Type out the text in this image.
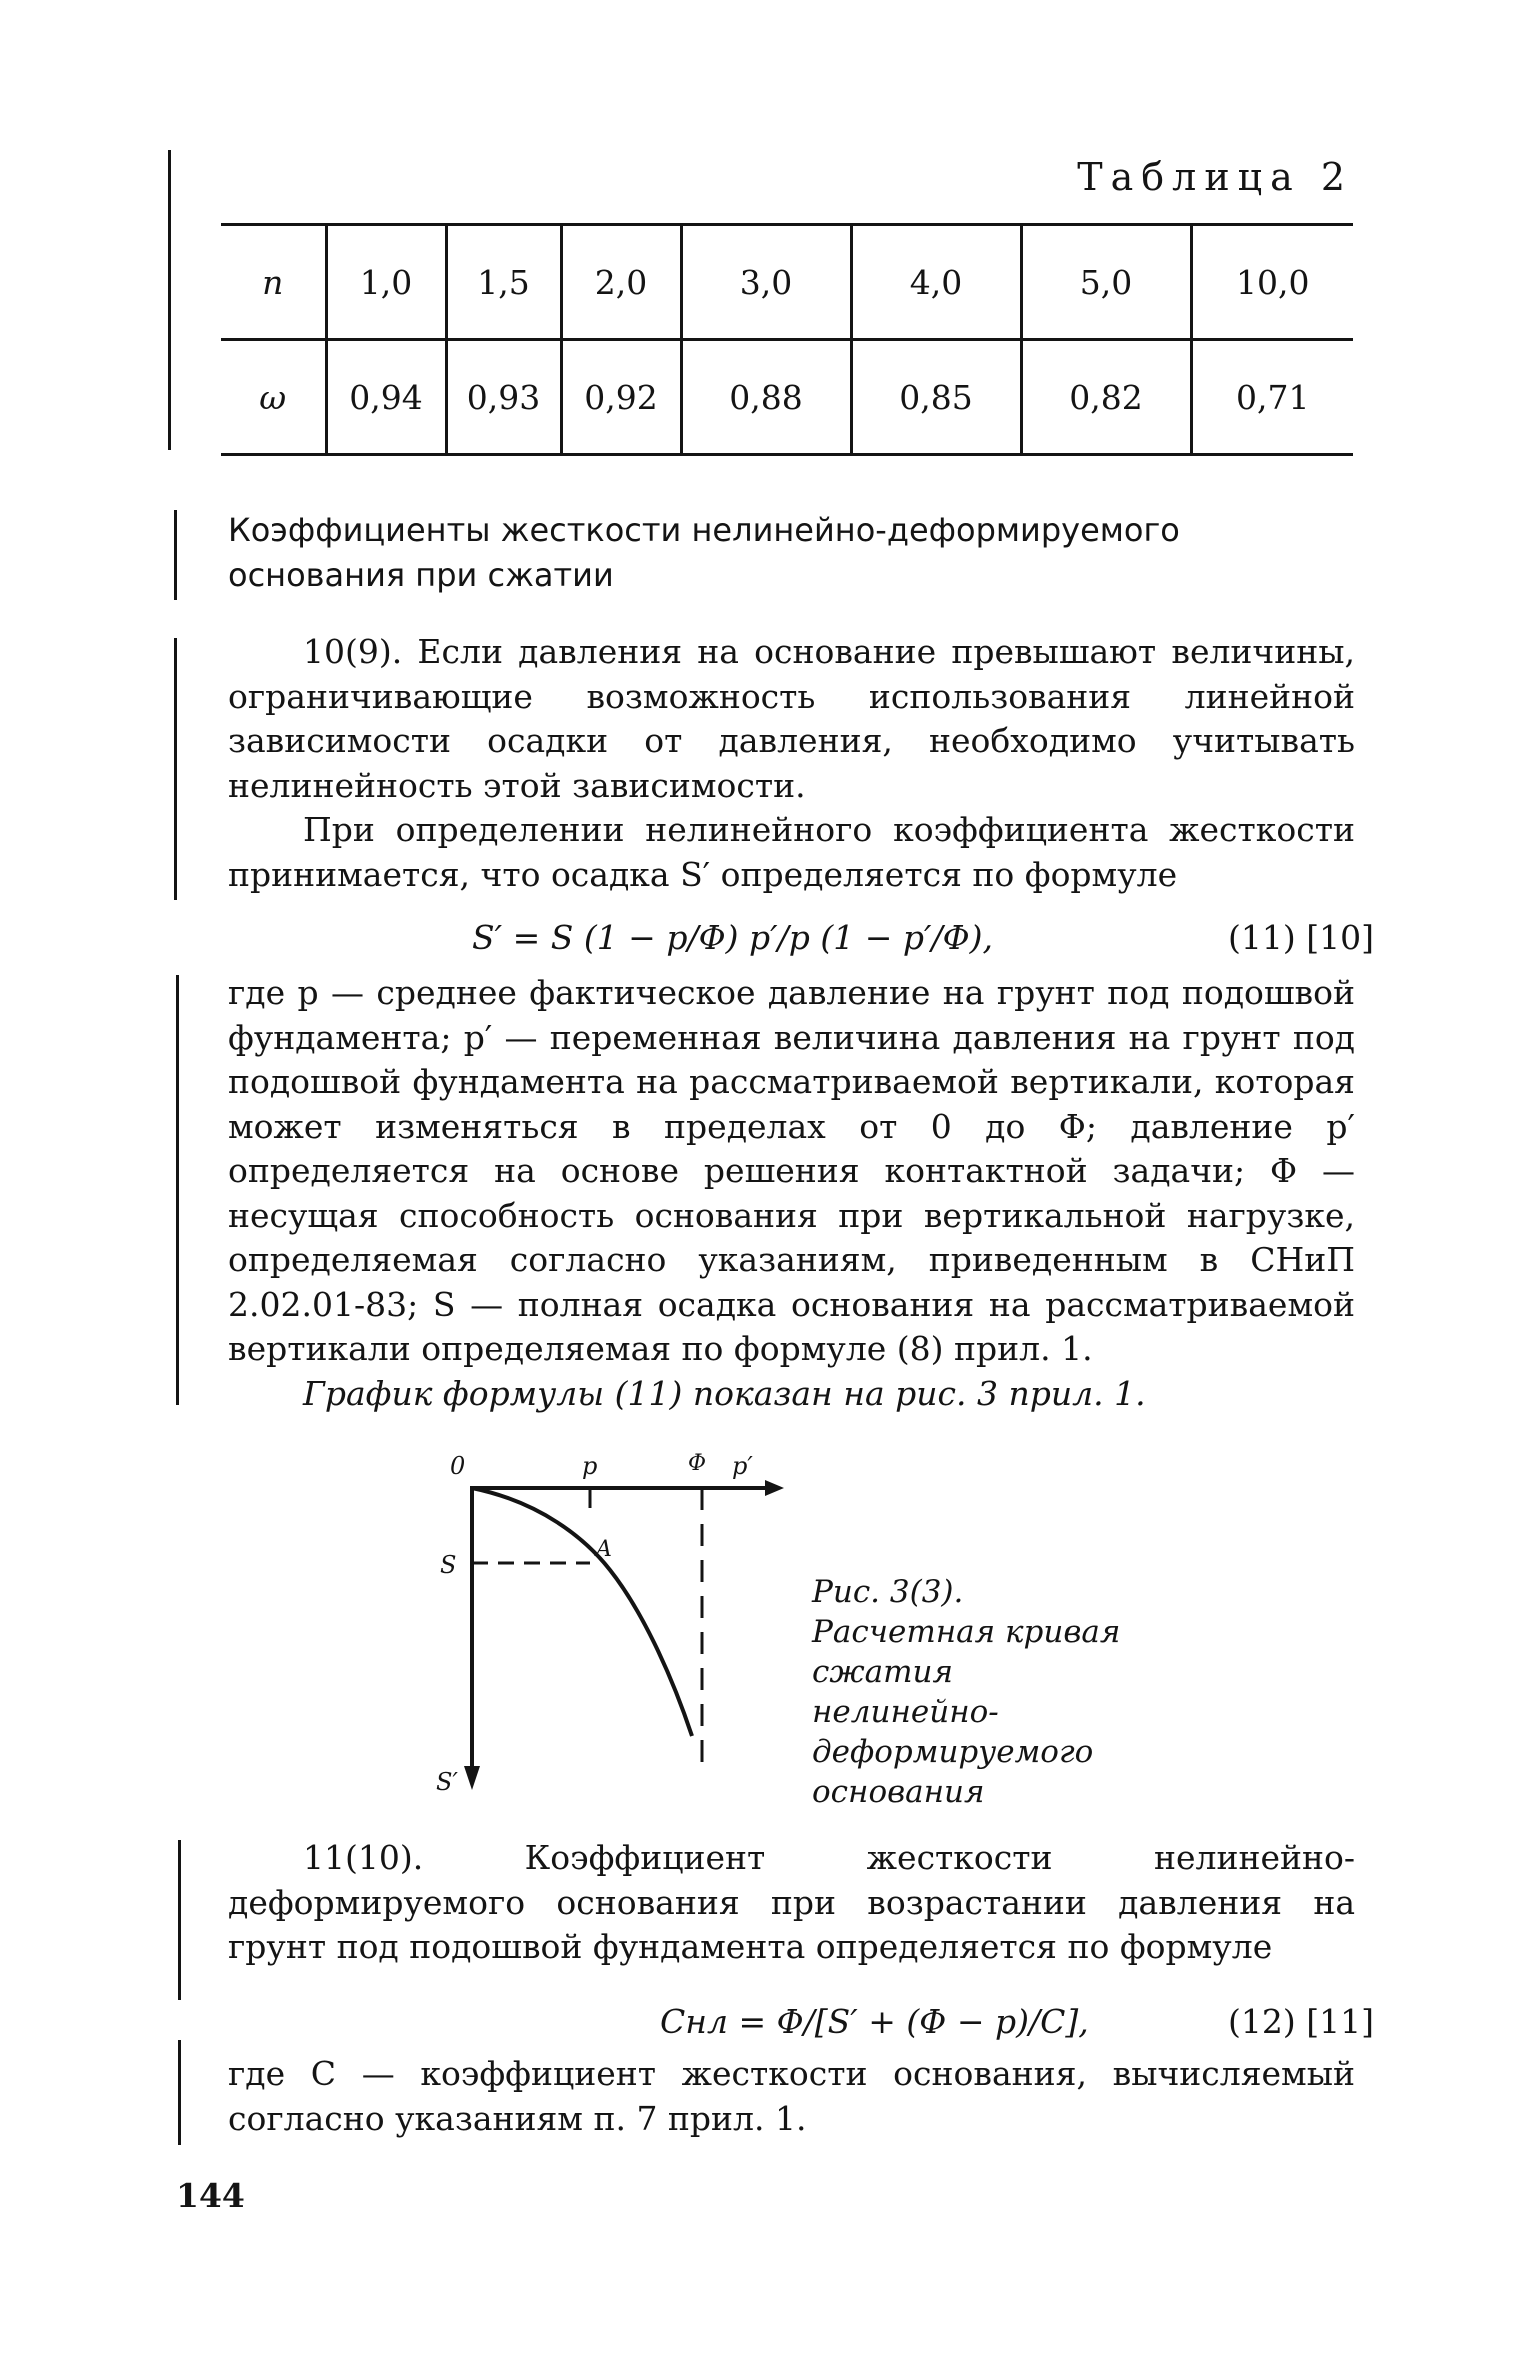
Таблица 2
n	1,0	1,5	2,0	3,0	4,0	5,0	10,0
ω	0,94	0,93	0,92	0,88	0,85	0,82	0,71

Коэффициенты жесткости нелинейно-деформируемого основания при сжатии

10(9). Если давления на основание превышают величины, ограничивающие возможность использования линейной зависимости осадки от давления, необходимо учитывать нелинейность этой зависимости.

При определении нелинейного коэффициента жесткости принимается, что осадка S′ определяется по формуле

S′ = S (1 − p/Φ) p′/p (1 − p′/Φ),	(11) [10]

где p — среднее фактическое давление на грунт под подошвой фундамента; p′ — переменная величина давления на грунт под подошвой фундамента на рассматриваемой вертикали, которая может изменяться в пределах от 0 до Φ; давление p′ определяется на основе решения контактной задачи; Φ — несущая способность основания при вертикальной нагрузке, определяемая согласно указаниям, приведенным в СНиП 2.02.01-83; S — полная осадка основания на рассматриваемой вертикали определяемая по формуле (8) прил. 1.

График формулы (11) показан на рис. 3 прил. 1.

0	p	Φ p′
S
A
S′

Рис. 3(3). Расчетная кривая сжатия нелинейно-деформируемого основания

11(10). Коэффициент жесткости нелинейно-деформируемого основания при возрастании давления на грунт под подошвой фундамента определяется по формуле

Cнл = Φ/[S′ + (Φ − p)/C],	(12) [11]

где C — коэффициент жесткости основания, вычисляемый согласно указаниям п. 7 прил. 1.

144
